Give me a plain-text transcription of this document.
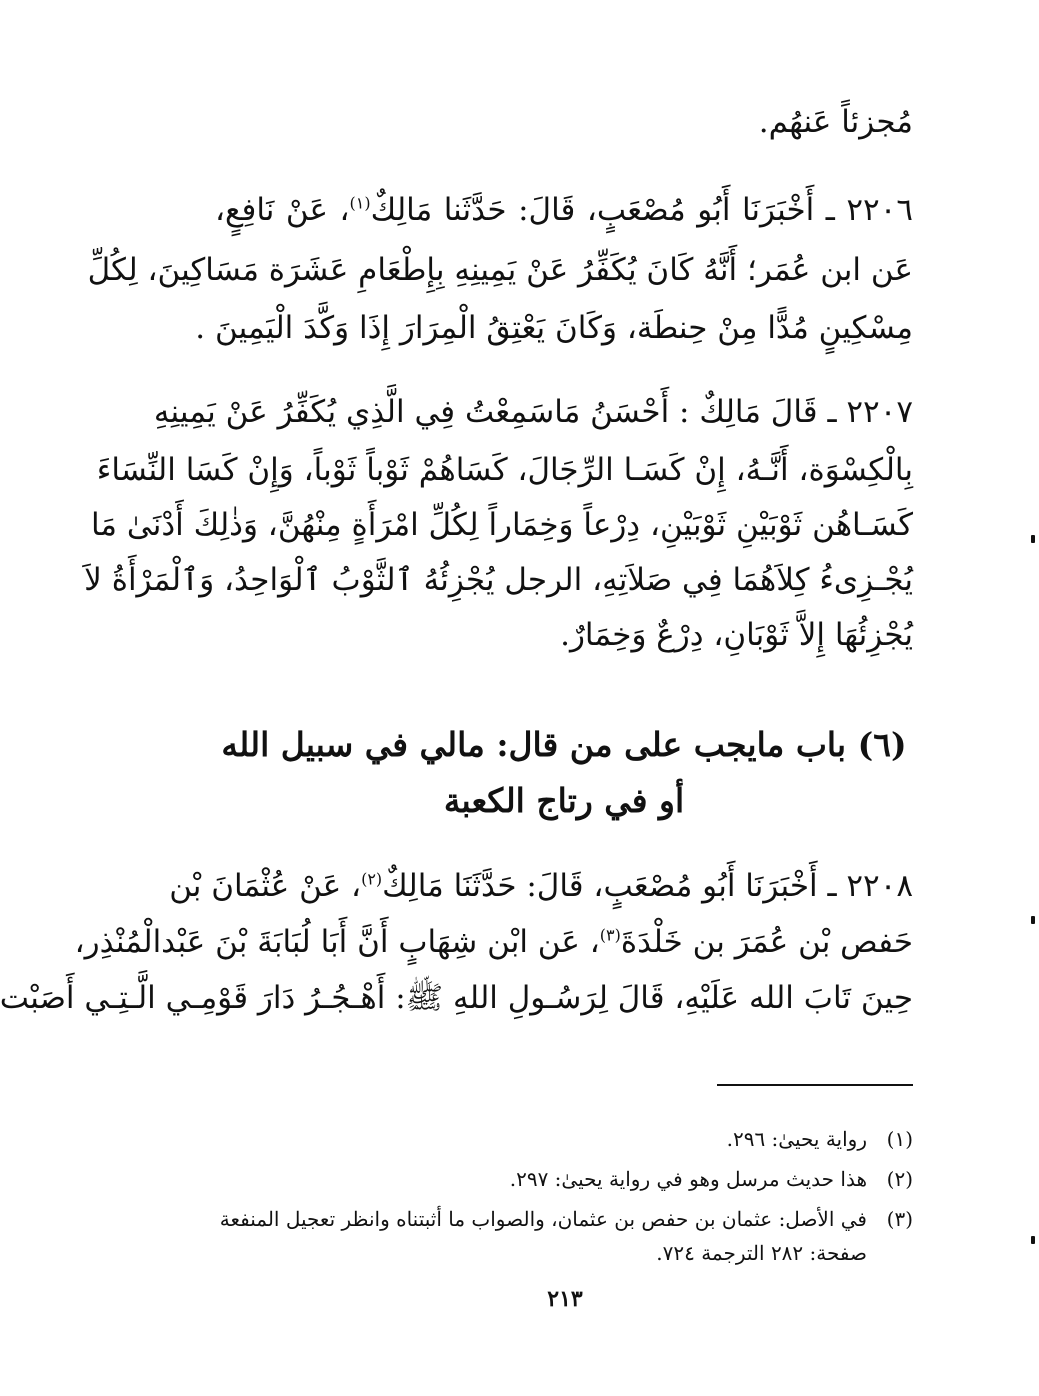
مُجزئاً عَنهُم.
٢٢٠٦ ـ أَخْبَرَنَا أَبُو مُصْعَبٍ، قَالَ: حَدَّثَنا مَالِكٌ$^{(١)}$، عَنْ نَافِعٍ،
عَن ابن عُمَر؛ أَنَّهُ كَانَ يُكَفِّرُ عَنْ يَمِينِهِ بِإِطْعَامِ عَشَرَة مَسَاكِينَ، لِكُلِّ
مِسْكِينٍ مُدًّا مِنْ حِنطَة، وَكَانَ يَعْتِقُ الْمِرَارَ إِذَا وَكَّدَ الْيَمِينَ .
٢٢٠٧ ـ قَالَ مَالِكٌ : أَحْسَنُ مَاسَمِعْتُ فِي الَّذِي يُكَفِّرُ عَنْ يَمِينِهِ
بِالْكِسْوَة، أَنَّـهُ، إِنْ كَسَـا الرِّجَالَ، كَسَاهُمْ ثَوْباً ثَوْباً، وَإِنْ كَسَا النِّسَاءَ
كَسَـاهُن ثَوْبَيْنِ ثَوْبَيْنِ، دِرْعاً وَخِمَاراً لِكُلِّ امْرَأَةٍ مِنْهُنَّ، وَذٰلِكَ أَدْنَىٰ مَا
يُجْـزِىءُ كِلاَهُمَا فِي صَلاَتِهِ، الرجل يُجْزِئُهُ ٱلثَّوْبُ ٱلْوَاحِدُ، وَٱلْمَرْأَةُ لاَ
يُجْزِئُهَا إِلاَّ ثَوْبَانِ، دِرْعٌ وَخِمَارٌ.
(٦) باب مايجب على من قال: مالي في سبيل الله
أو في رتاج الكعبة
٢٢٠٨ ـ أَخْبَرَنَا أَبُو مُصْعَبٍ، قَالَ: حَدَّثَنَا مَالِكٌ$^{(٢)}$، عَنْ عُثْمَانَ بْن
حَفص بْن عُمَرَ بن خَلْدَةَ$^{(٣)}$، عَن ابْن شِهَابٍ أَنَّ أَبَا لُبَابَةَ بْنَ عَبْدالْمُنْذِر،
حِينَ تَابَ الله عَلَيْهِ، قَالَ لِرَسُـولِ اللهِ ﷺ: أَهْـجُـرُ دَارَ قَوْمِـي الَّـتِـي أَصَبْت
(١)رواية يحيىٰ: ٢٩٦.
(٢)هذا حديث مرسل وهو في رواية يحيىٰ: ٢٩٧.
(٣)في الأصل: عثمان بن حفص بن عثمان، والصواب ما أثبتناه وانظر تعجيل المنفعة
صفحة: ٢٨٢ الترجمة ٧٢٤.
٢١٣
